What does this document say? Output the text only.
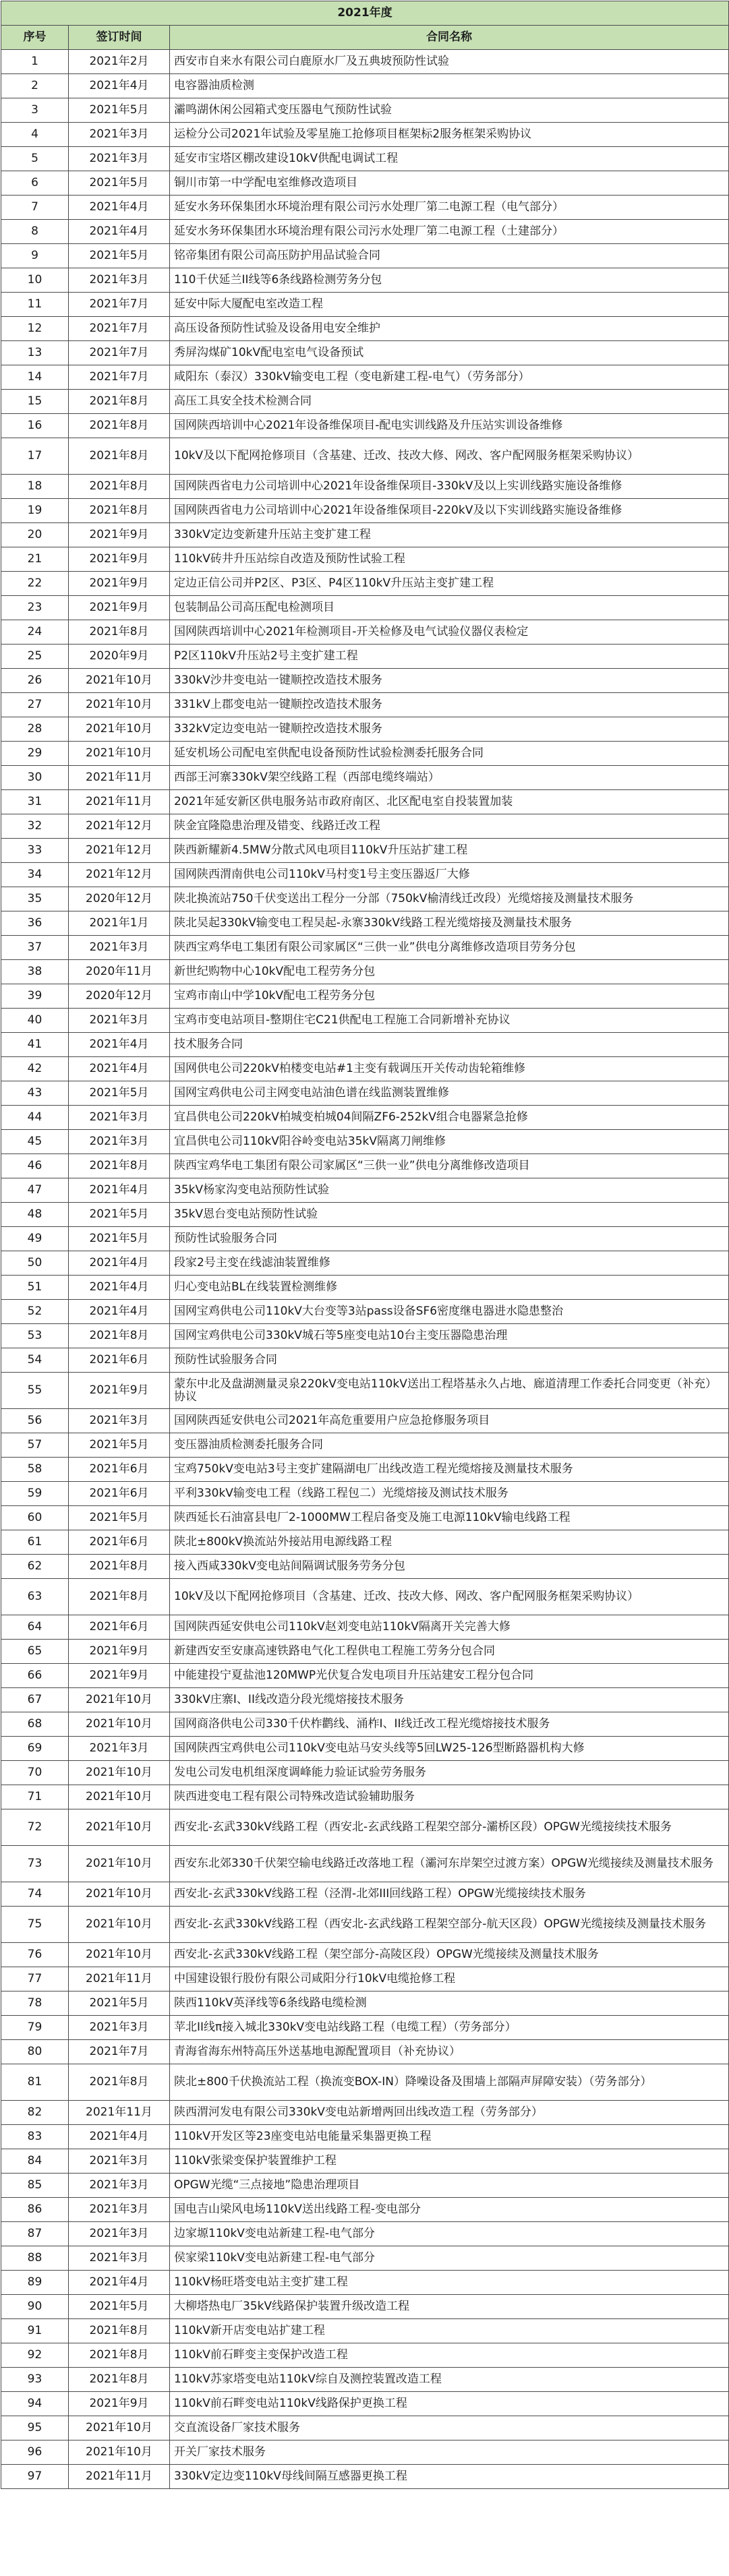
2021年度		
序号	签订时间	合同名称
1	2021年2月	西安市自来水有限公司白鹿原水厂及五典坡预防性试验
2	2021年4月	电容器油质检测
3	2021年5月	灞鸣湖休闲公园箱式变压器电气预防性试验
4	2021年3月	运检分公司2021年试验及零星施工抢修项目框架标2服务框架采购协议
5	2021年3月	延安市宝塔区棚改建设10kV供配电调试工程
6	2021年5月	铜川市第一中学配电室维修改造项目
7	2021年4月	延安水务环保集团水环境治理有限公司污水处理厂第二电源工程（电气部分）
8	2021年4月	延安水务环保集团水环境治理有限公司污水处理厂第二电源工程（土建部分）
9	2021年5月	铭帝集团有限公司高压防护用品试验合同
10	2021年3月	110千伏延兰II线等6条线路检测劳务分包
11	2021年7月	延安中际大厦配电室改造工程
12	2021年7月	高压设备预防性试验及设备用电安全维护
13	2021年7月	秀屏沟煤矿10kV配电室电气设备预试
14	2021年7月	咸阳东（泰汉）330kV输变电工程（变电新建工程-电气）（劳务部分）
15	2021年8月	高压工具安全技术检测合同
16	2021年8月	国网陕西培训中心2021年设备维保项目-配电实训线路及升压站实训设备维修
17	2021年8月	10kV及以下配网抢修项目（含基建、迁改、技改大修、网改、客户配网服务框架采购协议）
18	2021年8月	国网陕西省电力公司培训中心2021年设备维保项目-330kV及以上实训线路实施设备维修
19	2021年8月	国网陕西省电力公司培训中心2021年设备维保项目-220kV及以下实训线路实施设备维修
20	2021年9月	330kV定边变新建升压站主变扩建工程
21	2021年9月	110kV砖井升压站综自改造及预防性试验工程
22	2021年9月	定边正信公司并P2区、P3区、P4区110kV升压站主变扩建工程
23	2021年9月	包装制品公司高压配电检测项目
24	2021年8月	国网陕西培训中心2021年检测项目-开关检修及电气试验仪器仪表检定
25	2020年9月	P2区110kV升压站2号主变扩建工程
26	2021年10月	330kV沙井变电站一键顺控改造技术服务
27	2021年10月	331kV上郡变电站一键顺控改造技术服务
28	2021年10月	332kV定边变电站一键顺控改造技术服务
29	2021年10月	延安机场公司配电室供配电设备预防性试验检测委托服务合同
30	2021年11月	西部王河寨330kV架空线路工程（西部电缆终端站）
31	2021年11月	2021年延安新区供电服务站市政府南区、北区配电室自投装置加装
32	2021年12月	陕金宜隆隐患治理及错变、线路迁改工程
33	2021年12月	陕西新耀新4.5MW分散式风电项目110kV升压站扩建工程
34	2021年12月	国网陕西渭南供电公司110kV马村变1号主变压器返厂大修
35	2020年12月	陕北换流站750千伏变送出工程分一分部（750kV榆清线迁改段）光缆熔接及测量技术服务
36	2021年1月	陕北吴起330kV输变电工程吴起-永寨330kV线路工程光缆熔接及测量技术服务
37	2021年3月	陕西宝鸡华电工集团有限公司家属区“三供一业”供电分离维修改造项目劳务分包
38	2020年11月	新世纪购物中心10kV配电工程劳务分包
39	2020年12月	宝鸡市南山中学10kV配电工程劳务分包
40	2021年3月	宝鸡市变电站项目-整期住宅C21供配电工程施工合同新增补充协议
41	2021年4月	技术服务合同
42	2021年4月	国网供电公司220kV柏楼变电站#1主变有载调压开关传动齿轮箱维修
43	2021年5月	国网宝鸡供电公司主网变电站油色谱在线监测装置维修
44	2021年3月	宜昌供电公司220kV柏城变柏城04间隔ZF6-252kV组合电器紧急抢修
45	2021年3月	宜昌供电公司110kV阳谷岭变电站35kV隔离刀闸维修
46	2021年8月	陕西宝鸡华电工集团有限公司家属区“三供一业”供电分离维修改造项目
47	2021年4月	35kV杨家沟变电站预防性试验
48	2021年5月	35kV恩台变电站预防性试验
49	2021年5月	预防性试验服务合同
50	2021年4月	段家2号主变在线滤油装置维修
51	2021年4月	归心变电站BL在线装置检测维修
52	2021年4月	国网宝鸡供电公司110kV大台变等3站pass设备SF6密度继电器进水隐患整治
53	2021年8月	国网宝鸡供电公司330kV城石等5座变电站10台主变压器隐患治理
54	2021年6月	预防性试验服务合同
55	2021年9月	蒙东中北及盘湖测量灵泉220kV变电站110kV送出工程塔基永久占地、廊道清理工作委托合同变更（补充）协议
56	2021年3月	国网陕西延安供电公司2021年高危重要用户应急抢修服务项目
57	2021年5月	变压器油质检测委托服务合同
58	2021年6月	宝鸡750kV变电站3号主变扩建隔湖电厂出线改造工程光缆熔接及测量技术服务
59	2021年6月	平利330kV输变电工程（线路工程包二）光缆熔接及测试技术服务
60	2021年5月	陕西延长石油富县电厂2-1000MW工程启备变及施工电源110kV输电线路工程
61	2021年6月	陕北±800kV换流站外接站用电源线路工程
62	2021年8月	接入西咸330kV变电站间隔调试服务劳务分包
63	2021年8月	10kV及以下配网抢修项目（含基建、迁改、技改大修、网改、客户配网服务框架采购协议）
64	2021年6月	国网陕西延安供电公司110kV赵刘变电站110kV隔离开关完善大修
65	2021年9月	新建西安至安康高速铁路电气化工程供电工程施工劳务分包合同
66	2021年9月	中能建投宁夏盐池120MWP光伏复合发电项目升压站建安工程分包合同
67	2021年10月	330kV庄寨I、II线改造分段光缆熔接技术服务
68	2021年10月	国网商洛供电公司330千伏柞鹳线、涌柞I、II线迁改工程光缆熔接技术服务
69	2021年3月	国网陕西宝鸡供电公司110kV变电站马安头线等5回LW25-126型断路器机构大修
70	2021年10月	发电公司发电机组深度调峰能力验证试验劳务服务
71	2021年10月	陕西进变电工程有限公司特殊改造试验辅助服务
72	2021年10月	西安北-玄武330kV线路工程（西安北-玄武线路工程架空部分-灞桥区段）OPGW光缆接续技术服务
73	2021年10月	西安东北郊330千伏架空输电线路迁改落地工程（灞河东岸架空过渡方案）OPGW光缆接续及测量技术服务
74	2021年10月	西安北-玄武330kV线路工程（泾渭-北郊III回线路工程）OPGW光缆接续技术服务
75	2021年10月	西安北-玄武330kV线路工程（西安北-玄武线路工程架空部分-航天区段）OPGW光缆接续及测量技术服务
76	2021年10月	西安北-玄武330kV线路工程（架空部分-高陵区段）OPGW光缆接续及测量技术服务
77	2021年11月	中国建设银行股份有限公司咸阳分行10kV电缆抢修工程
78	2021年5月	陕西110kV英泽线等6条线路电缆检测
79	2021年3月	苹北II线π接入城北330kV变电站线路工程（电缆工程）（劳务部分）
80	2021年7月	青海省海东州特高压外送基地电源配置项目（补充协议）
81	2021年8月	陕北±800千伏换流站工程（换流变BOX-IN）降噪设备及围墙上部隔声屏障安装）（劳务部分）
82	2021年11月	陕西渭河发电有限公司330kV变电站新增两回出线改造工程（劳务部分）
83	2021年4月	110kV开发区等23座变电站电能量采集器更换工程
84	2021年3月	110kV张梁变保护装置维护工程
85	2021年3月	OPGW光缆“三点接地”隐患治理项目
86	2021年3月	国电吉山梁风电场110kV送出线路工程-变电部分
87	2021年3月	边家塬110kV变电站新建工程-电气部分
88	2021年3月	侯家梁110kV变电站新建工程-电气部分
89	2021年4月	110kV杨旺塔变电站主变扩建工程
90	2021年5月	大柳塔热电厂35kV线路保护装置升级改造工程
91	2021年8月	110kV新开店变电站扩建工程
92	2021年8月	110kV前石畔变主变保护改造工程
93	2021年8月	110kV苏家塔变电站110kV综自及测控装置改造工程
94	2021年9月	110kV前石畔变电站110kV线路保护更换工程
95	2021年10月	交直流设备厂家技术服务
96	2021年10月	开关厂家技术服务
97	2021年11月	330kV定边变110kV母线间隔互感器更换工程
